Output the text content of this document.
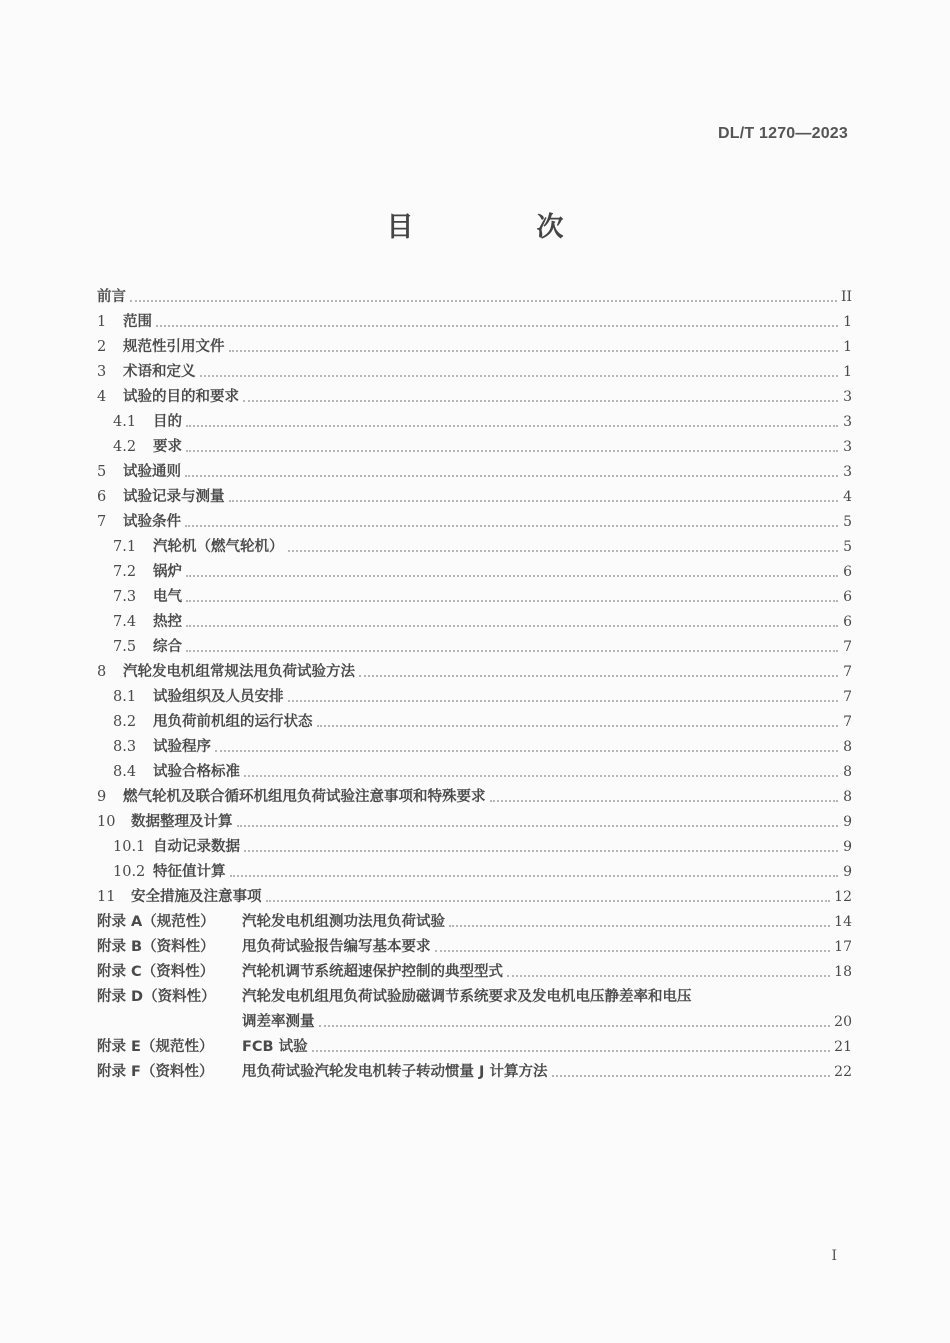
DL/T 1270—2023
目　次
前言	II
1	范围	1
2	规范性引用文件	1
3	术语和定义	1
4	试验的目的和要求	3
4.1	目的	3
4.2	要求	3
5	试验通则	3
6	试验记录与测量	4
7	试验条件	5
7.1	汽轮机（燃气轮机）	5
7.2	锅炉	6
7.3	电气	6
7.4	热控	6
7.5	综合	7
8	汽轮发电机组常规法甩负荷试验方法	7
8.1	试验组织及人员安排	7
8.2	甩负荷前机组的运行状态	7
8.3	试验程序	8
8.4	试验合格标准	8
9	燃气轮机及联合循环机组甩负荷试验注意事项和特殊要求	8
10	数据整理及计算	9
10.1 自动记录数据	9
10.2 特征值计算	9
11	安全措施及注意事项	12
附录 A（规范性）	汽轮发电机组测功法甩负荷试验	14
附录 B（资料性）	甩负荷试验报告编写基本要求	17
附录 C（资料性）	汽轮机调节系统超速保护控制的典型型式	18
附录 D（资料性）	汽轮发电机组甩负荷试验励磁调节系统要求及发电机电压静差率和电压
调差率测量	20
附录 E（规范性）	FCB 试验	21
附录 F（资料性）	甩负荷试验汽轮发电机转子转动惯量 J 计算方法	22
I
